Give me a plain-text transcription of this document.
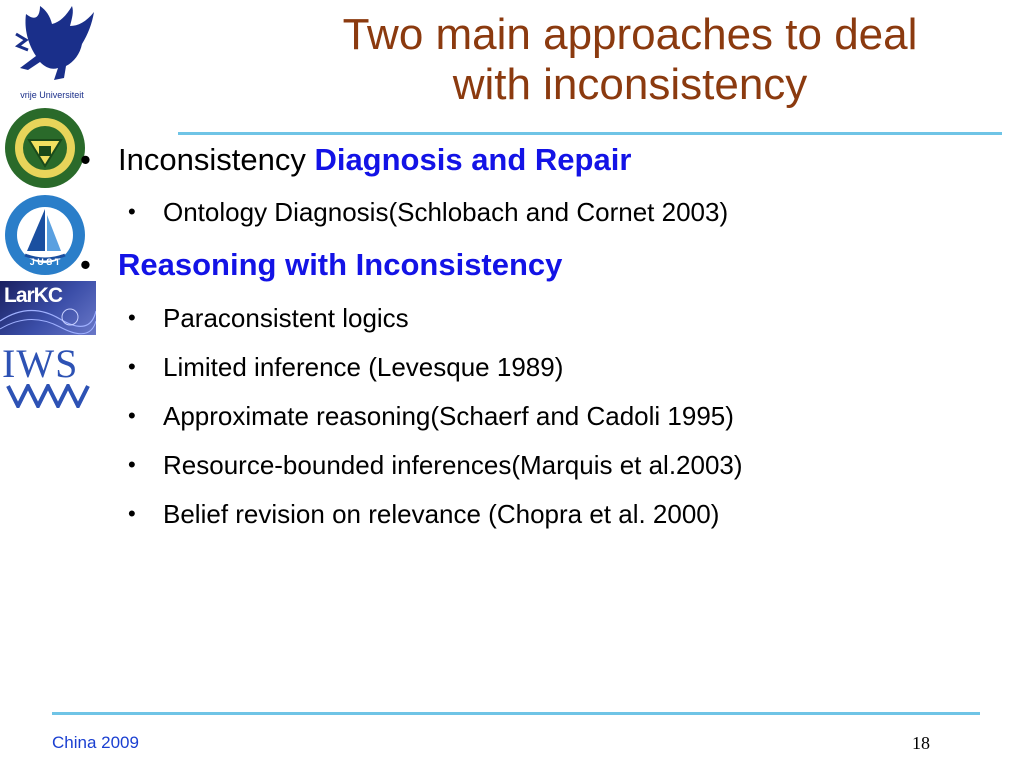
Two main approaches to deal
with inconsistency
vrije Universiteit
J U S T
LarKC
IWS
• Inconsistency Diagnosis and Repair
• Ontology Diagnosis(Schlobach and Cornet 2003)
• Reasoning with Inconsistency
• Paraconsistent logics
• Limited inference (Levesque 1989)
• Approximate reasoning(Schaerf and Cadoli 1995)
• Resource-bounded inferences(Marquis et al.2003)
• Belief revision on relevance (Chopra et al. 2000)
China 2009	18
